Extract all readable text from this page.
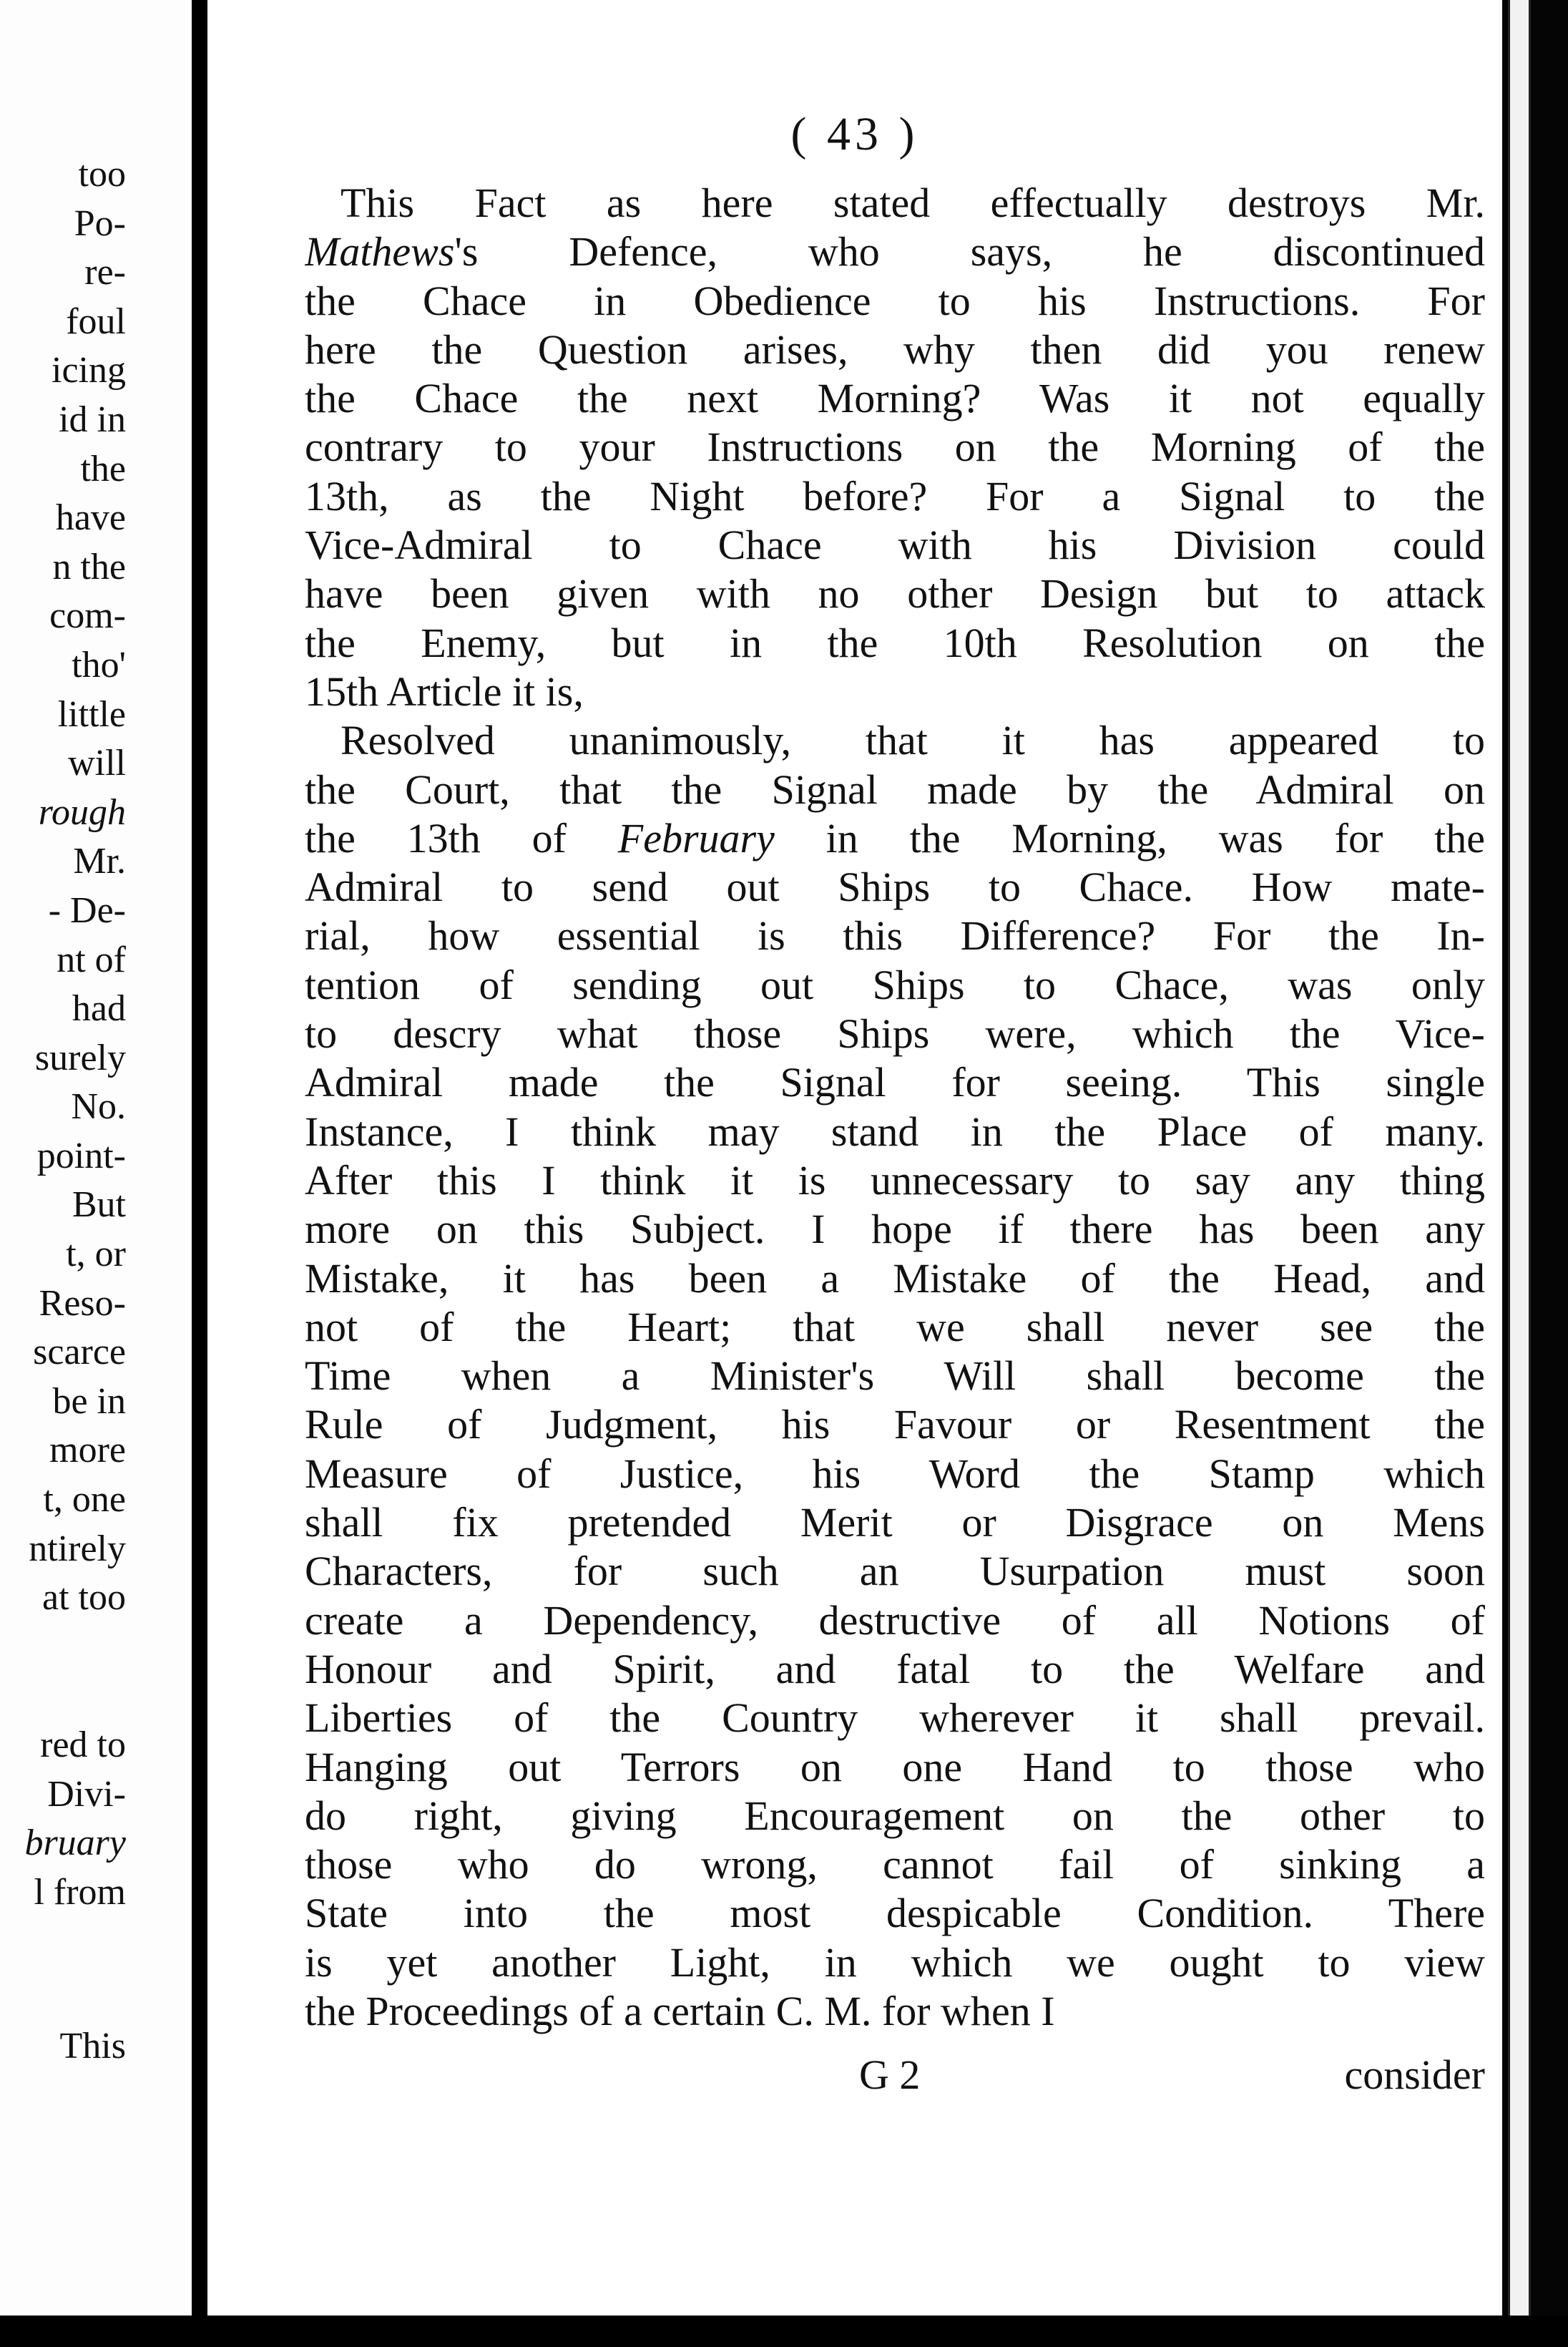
too
Po-
re-
foul
icing
id in
the
have
n the
com-
tho'
little
will
rough
Mr.
- De-
nt of
had
surely
No.
point-
But
t, or
Reso-
scarce
be in
more
t, one
ntirely
at too
red to
Divi-
bruary
l from
This
( 43 )
This Fact as here stated effectually destroys Mr.
Mathews's Defence, who says, he discontinued
the Chace in Obedience to his Instructions. For
here the Question arises, why then did you renew
the Chace the next Morning? Was it not equally
contrary to your Instructions on the Morning of the
13th, as the Night before? For a Signal to the
Vice-Admiral to Chace with his Division could
have been given with no other Design but to attack
the Enemy, but in the 10th Resolution on the
15th Article it is,
Resolved unanimously, that it has appeared to
the Court, that the Signal made by the Admiral on
the 13th of February in the Morning, was for the
Admiral to send out Ships to Chace. How mate-
rial, how essential is this Difference? For the In-
tention of sending out Ships to Chace, was only
to descry what those Ships were, which the Vice-
Admiral made the Signal for seeing. This single
Instance, I think may stand in the Place of many.
After this I think it is unnecessary to say any thing
more on this Subject. I hope if there has been any
Mistake, it has been a Mistake of the Head, and
not of the Heart; that we shall never see the
Time when a Minister's Will shall become the
Rule of Judgment, his Favour or Resentment the
Measure of Justice, his Word the Stamp which
shall fix pretended Merit or Disgrace on Mens
Characters, for such an Usurpation must soon
create a Dependency, destructive of all Notions of
Honour and Spirit, and fatal to the Welfare and
Liberties of the Country wherever it shall prevail.
Hanging out Terrors on one Hand to those who
do right, giving Encouragement on the other to
those who do wrong, cannot fail of sinking a
State into the most despicable Condition. There
is yet another Light, in which we ought to view
the Proceedings of a certain C. M. for when I
G 2	consider
